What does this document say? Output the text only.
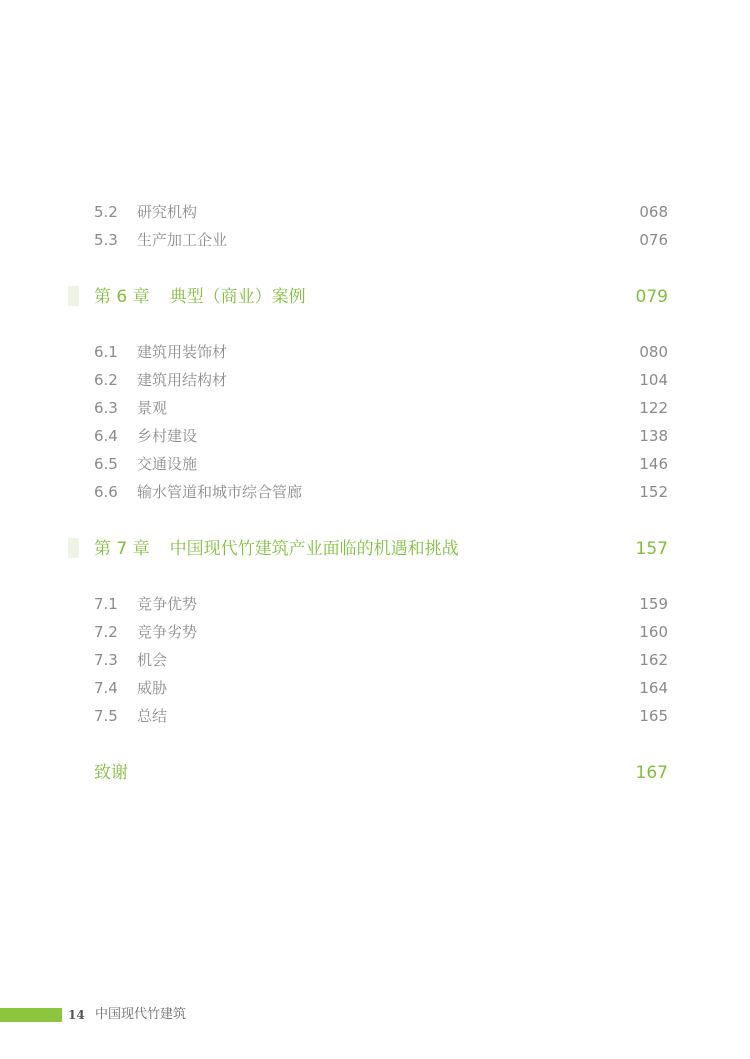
5.2	研究机构 ·····	068
5.3	生产加工企业 ·····	076
第 6 章 典型（商业）案例 ·····	079
6.1	建筑用装饰材 ·····	080
6.2	建筑用结构材 ·····	104
6.3	景观 ·····	122
6.4	乡村建设 ·····	138
6.5	交通设施 ·····	146
6.6	输水管道和城市综合管廊 ·····	152
第 7 章 中国现代竹建筑产业面临的机遇和挑战 ·····	157
7.1	竞争优势 ·····	159
7.2	竞争劣势 ·····	160
7.3	机会 ·····	162
7.4	威胁 ·····	164
7.5	总结 ·····	165
致谢 ·····	167
14 中国现代竹建筑
